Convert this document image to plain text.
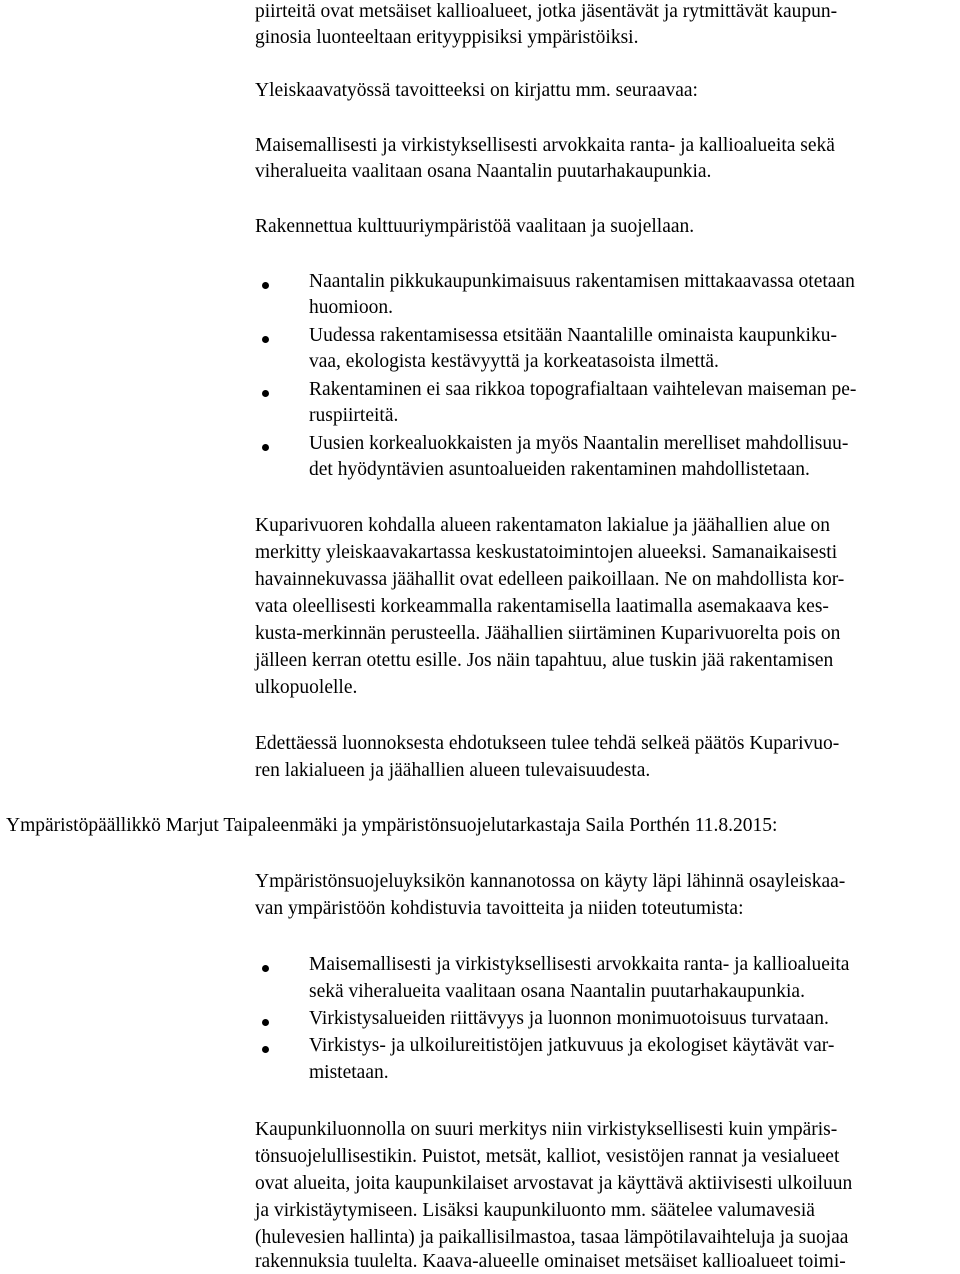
piirteitä ovat metsäiset kallioalueet, jotka jäsentävät ja rytmittävät kaupun-

ginosia luonteeltaan erityyppisiksi ympäristöiksi.

Yleiskaavatyössä tavoitteeksi on kirjattu mm. seuraavaa:

Maisemallisesti ja virkistyksellisesti arvokkaita ranta- ja kallioalueita sekä

viheralueita vaalitaan osana Naantalin puutarhakaupunkia.

Rakennettua kulttuuriympäristöä vaalitaan ja suojellaan.

Naantalin pikkukaupunkimaisuus rakentamisen mittakaavassa otetaan

huomioon.

Uudessa rakentamisessa etsitään Naantalille ominaista kaupunkiku-

vaa, ekologista kestävyyttä ja korkeatasoista ilmettä.

Rakentaminen ei saa rikkoa topografialtaan vaihtelevan maiseman pe-

ruspiirteitä.

Uusien korkealuokkaisten ja myös Naantalin merelliset mahdollisuu-

det hyödyntävien asuntoalueiden rakentaminen mahdollistetaan.

Kuparivuoren kohdalla alueen rakentamaton lakialue ja jäähallien alue on

merkitty yleiskaavakartassa keskustatoimintojen alueeksi. Samanaikaisesti

havainnekuvassa jäähallit ovat edelleen paikoillaan. Ne on mahdollista kor-

vata oleellisesti korkeammalla rakentamisella laatimalla asemakaava kes-

kusta-merkinnän perusteella. Jäähallien siirtäminen Kuparivuorelta pois on

jälleen kerran otettu esille. Jos näin tapahtuu, alue tuskin jää rakentamisen

ulkopuolelle.

Edettäessä luonnoksesta ehdotukseen tulee tehdä selkeä päätös Kuparivuo-

ren lakialueen ja jäähallien alueen tulevaisuudesta.

Ympäristöpäällikkö Marjut Taipaleenmäki ja ympäristönsuojelutarkastaja Saila Porthén 11.8.2015:

Ympäristönsuojeluyksikön kannanotossa on käyty läpi lähinnä osayleiskaa-

van ympäristöön kohdistuvia tavoitteita ja niiden toteutumista:

Maisemallisesti ja virkistyksellisesti arvokkaita ranta- ja kallioalueita

sekä viheralueita vaalitaan osana Naantalin puutarhakaupunkia.

Virkistysalueiden riittävyys ja luonnon monimuotoisuus turvataan.

Virkistys- ja ulkoilureitistöjen jatkuvuus ja ekologiset käytävät var-

mistetaan.

Kaupunkiluonnolla on suuri merkitys niin virkistyksellisesti kuin ympäris-

tönsuojelullisestikin. Puistot, metsät, kalliot, vesistöjen rannat ja vesialueet

ovat alueita, joita kaupunkilaiset arvostavat ja käyttävä aktiivisesti ulkoiluun

ja virkistäytymiseen. Lisäksi kaupunkiluonto mm. säätelee valumavesiä

(hulevesien hallinta) ja paikallisilmastoa, tasaa lämpötilavaihteluja ja suojaa

rakennuksia tuulelta. Kaava-alueelle ominaiset metsäiset kallioalueet toimi-
